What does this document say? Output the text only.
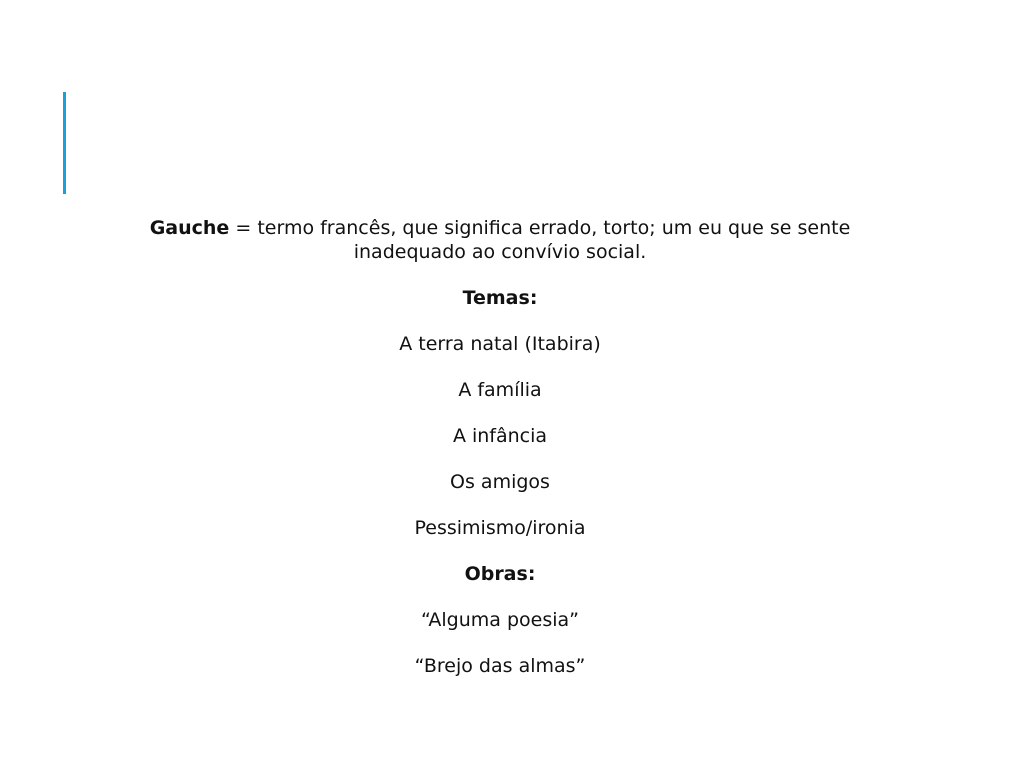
Gauche = termo francês, que significa errado, torto; um eu que se sente inadequado ao convívio social.

Temas:

A terra natal (Itabira)

A família

A infância

Os amigos

Pessimismo/ironia

Obras:

“Alguma poesia”

“Brejo das almas”
